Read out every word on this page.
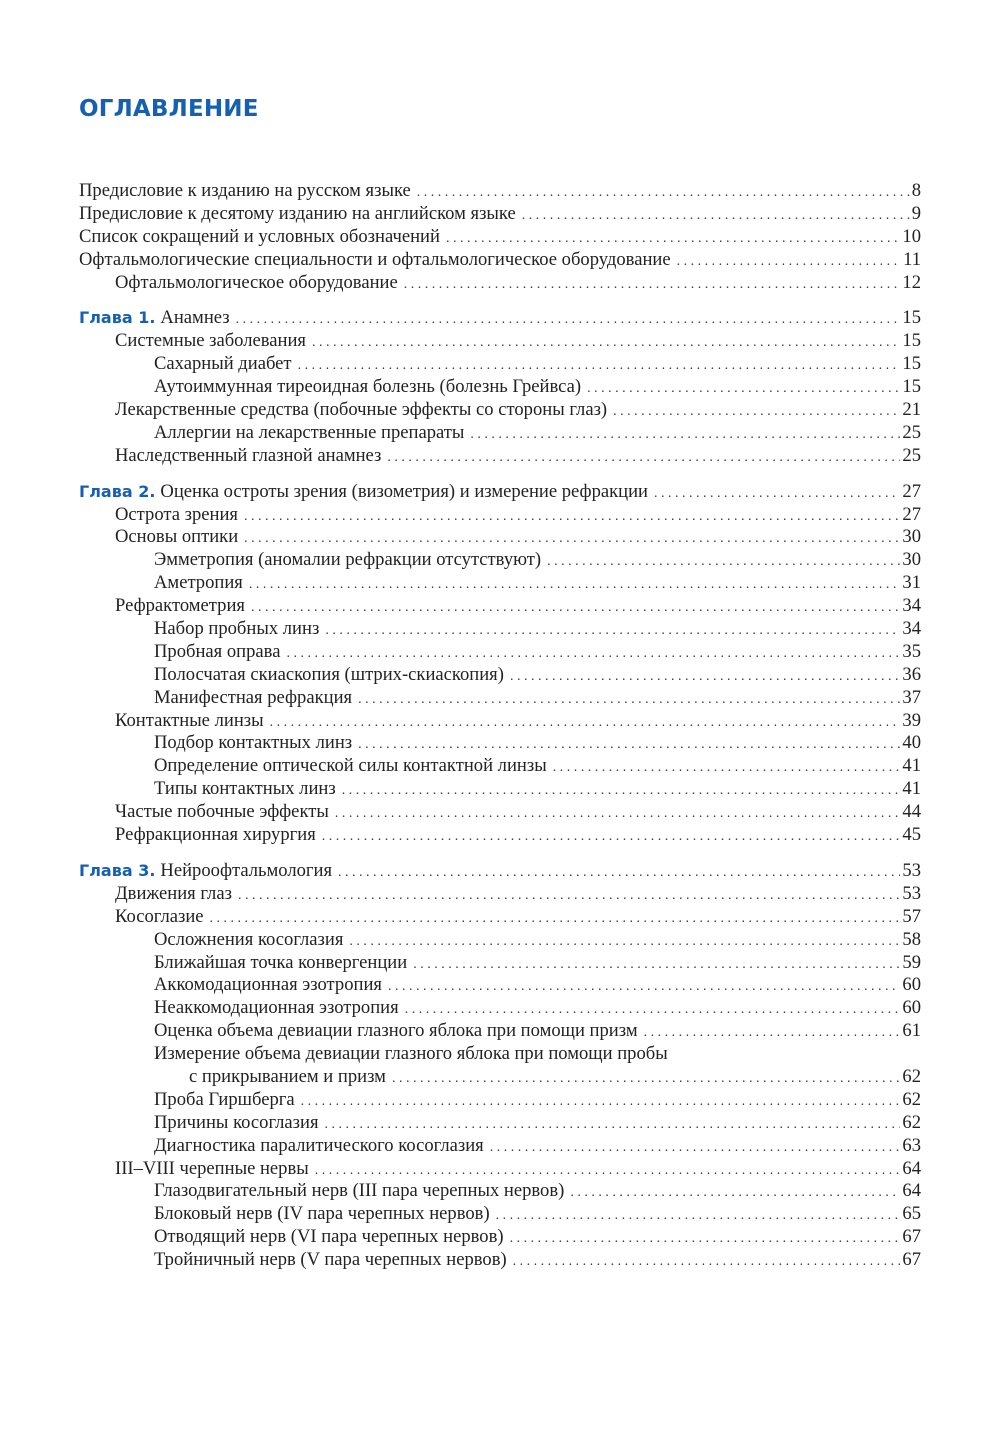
ОГЛАВЛЕНИЕ
Предисловие к изданию на русском языке . . .	8
Предисловие к десятому изданию на английском языке . . .	9
Список сокращений и условных обозначений . . .	10
Офтальмологические специальности и офтальмологическое оборудование . . .	11
Офтальмологическое оборудование . . .	12
Глава 1. Анамнез . . .	15
Системные заболевания . . .	15
Сахарный диабет . . .	15
Аутоиммунная тиреоидная болезнь (болезнь Грейвса) . . .	15
Лекарственные средства (побочные эффекты со стороны глаз) . . .	21
Аллергии на лекарственные препараты . . .	25
Наследственный глазной анамнез . . .	25
Глава 2. Оценка остроты зрения (визометрия) и измерение рефракции . . .	27
Острота зрения . . .	27
Основы оптики . . .	30
Эмметропия (аномалии рефракции отсутствуют) . . .	30
Аметропия . . .	31
Рефрактометрия . . .	34
Набор пробных линз . . .	34
Пробная оправа . . .	35
Полосчатая скиаскопия (штрих-скиаскопия) . . .	36
Манифестная рефракция . . .	37
Контактные линзы . . .	39
Подбор контактных линз . . .	40
Определение оптической силы контактной линзы . . .	41
Типы контактных линз . . .	41
Частые побочные эффекты . . .	44
Рефракционная хирургия . . .	45
Глава 3. Нейроофтальмология . . .	53
Движения глаз . . .	53
Косоглазие . . .	57
Осложнения косоглазия . . .	58
Ближайшая точка конвергенции . . .	59
Аккомодационная эзотропия . . .	60
Неаккомодационная эзотропия . . .	60
Оценка объема девиации глазного яблока при помощи призм . . .	61
Измерение объема девиации глазного яблока при помощи пробы
с прикрыванием и призм . . .	62
Проба Гиршберга . . .	62
Причины косоглазия . . .	62
Диагностика паралитического косоглазия . . .	63
III–VIII черепные нервы . . .	64
Глазодвигательный нерв (III пара черепных нервов) . . .	64
Блоковый нерв (IV пара черепных нервов) . . .	65
Отводящий нерв (VI пара черепных нервов) . . .	67
Тройничный нерв (V пара черепных нервов) . . .	67
